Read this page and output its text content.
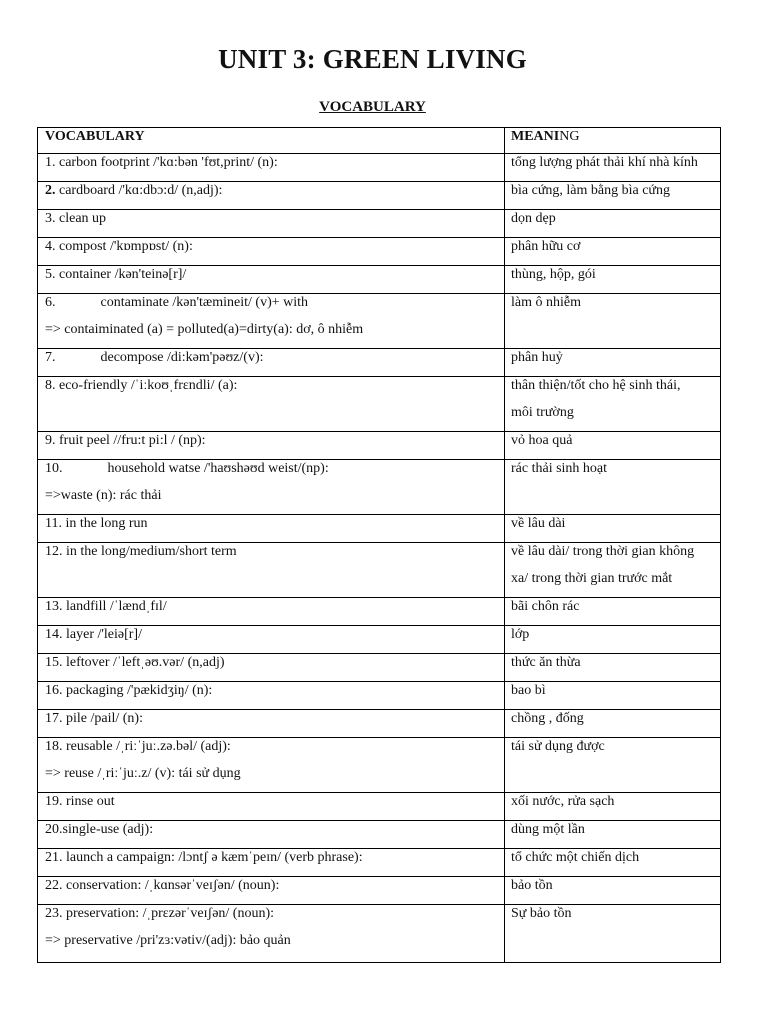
UNIT 3: GREEN LIVING
VOCABULARY
VOCABULARY	MEANING

1. carbon footprint /'kɑ:bən 'fʊt,print/ (n):	tổng lượng phát thải khí nhà kính

2. cardboard /'kɑ:dbɔ:d/ (n,adj):	bìa cứng, làm bằng bìa cứng

3. clean up	dọn dẹp

4. compost /'kɒmpɒst/ (n):	phân hữu cơ

5. container /kən'teinə[r]/	thùng, hộp, gói

6. contaminate /kən'tæmineit/ (v)+ with
=> contaiminated (a) = polluted(a)=dirty(a): dơ, ô nhiễm	làm ô nhiễm

7. decompose /di:kəm'pəʊz/(v):	phân huỷ

8. eco-friendly /ˈiːkoʊˌfrɛndli/ (a):	thân thiện/tốt cho hệ sinh thái,
môi trường

9. fruit peel //fru:t pi:l / (np):	vỏ hoa quả

10. household watse /'haʊshəʊd weist/(np):
=>waste (n): rác thải	rác thải sinh hoạt

11. in the long run	về lâu dài

12. in the long/medium/short term	về lâu dài/ trong thời gian không
xa/ trong thời gian trước mắt

13. landfill /ˈlændˌfɪl/	bãi chôn rác

14. layer /'leiə[r]/	lớp

15. leftover /ˈleftˌəʊ.vər/ (n,adj)	thức ăn thừa

16. packaging /'pækidʒiŋ/ (n):	bao bì

17. pile /pail/ (n):	chồng , đống

18. reusable /ˌriːˈjuː.zə.bəl/ (adj):
=> reuse /ˌriːˈjuː.z/ (v): tái sử dụng	tái sử dụng được

19. rinse out	xối nước, rửa sạch

20.single-use (adj):	dùng một lần

21. launch a campaign: /lɔntʃ ə kæmˈpeɪn/ (verb phrase):	tổ chức một chiến dịch

22. conservation: /ˌkɑnsərˈveɪʃən/ (noun):	bảo tồn

23. preservation: /ˌprɛzərˈveɪʃən/ (noun):
=> preservative /pri'zɜ:vətiv/(adj): bảo quản	Sự bảo tồn
